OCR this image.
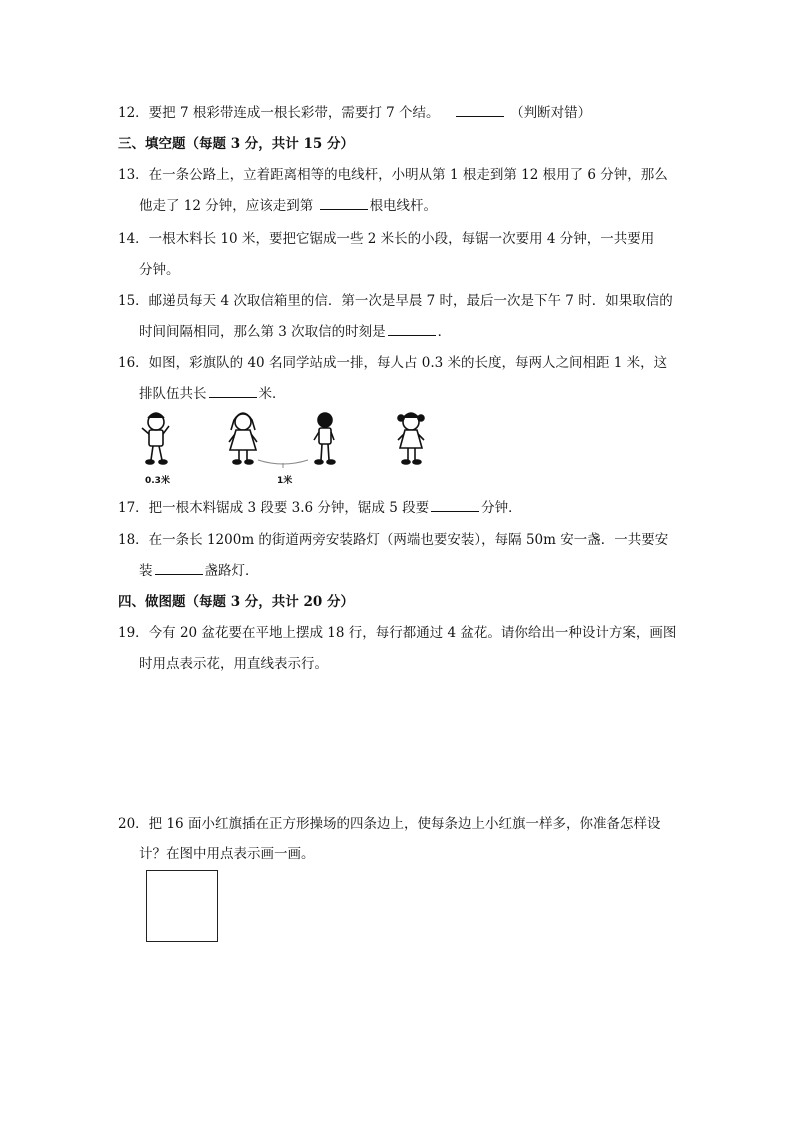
12．要把 7 根彩带连成一根长彩带，需要打 7 个结。	（判断对错）
三、填空题（每题 3 分，共计 15 分）
13．在一条公路上，立着距离相等的电线杆，小明从第 1 根走到第 12 根用了 6 分钟，那么
他走了 12 分钟，应该走到第	根电线杆。
14．一根木料长 10 米，要把它锯成一些 2 米长的小段，每锯一次要用 4 分钟，一共要用
分钟。
15．邮递员每天 4 次取信箱里的信．第一次是早晨 7 时，最后一次是下午 7 时．如果取信的
时间间隔相同，那么第 3 次取信的时刻是	．
16．如图，彩旗队的 40 名同学站成一排，每人占 0.3 米的长度，每两人之间相距 1 米，这
排队伍共长	米．
0.3米	1米
17．把一根木料锯成 3 段要 3.6 分钟，锯成 5 段要	分钟．
18．在一条长 1200m 的街道两旁安装路灯（两端也要安装），每隔 50m 安一盏．一共要安
装	盏路灯．
四、做图题（每题 3 分，共计 20 分）
19．今有 20 盆花要在平地上摆成 18 行，每行都通过 4 盆花。请你给出一种设计方案，画图
时用点表示花，用直线表示行。
20．把 16 面小红旗插在正方形操场的四条边上，使每条边上小红旗一样多，你准备怎样设
计？在图中用点表示画一画。
